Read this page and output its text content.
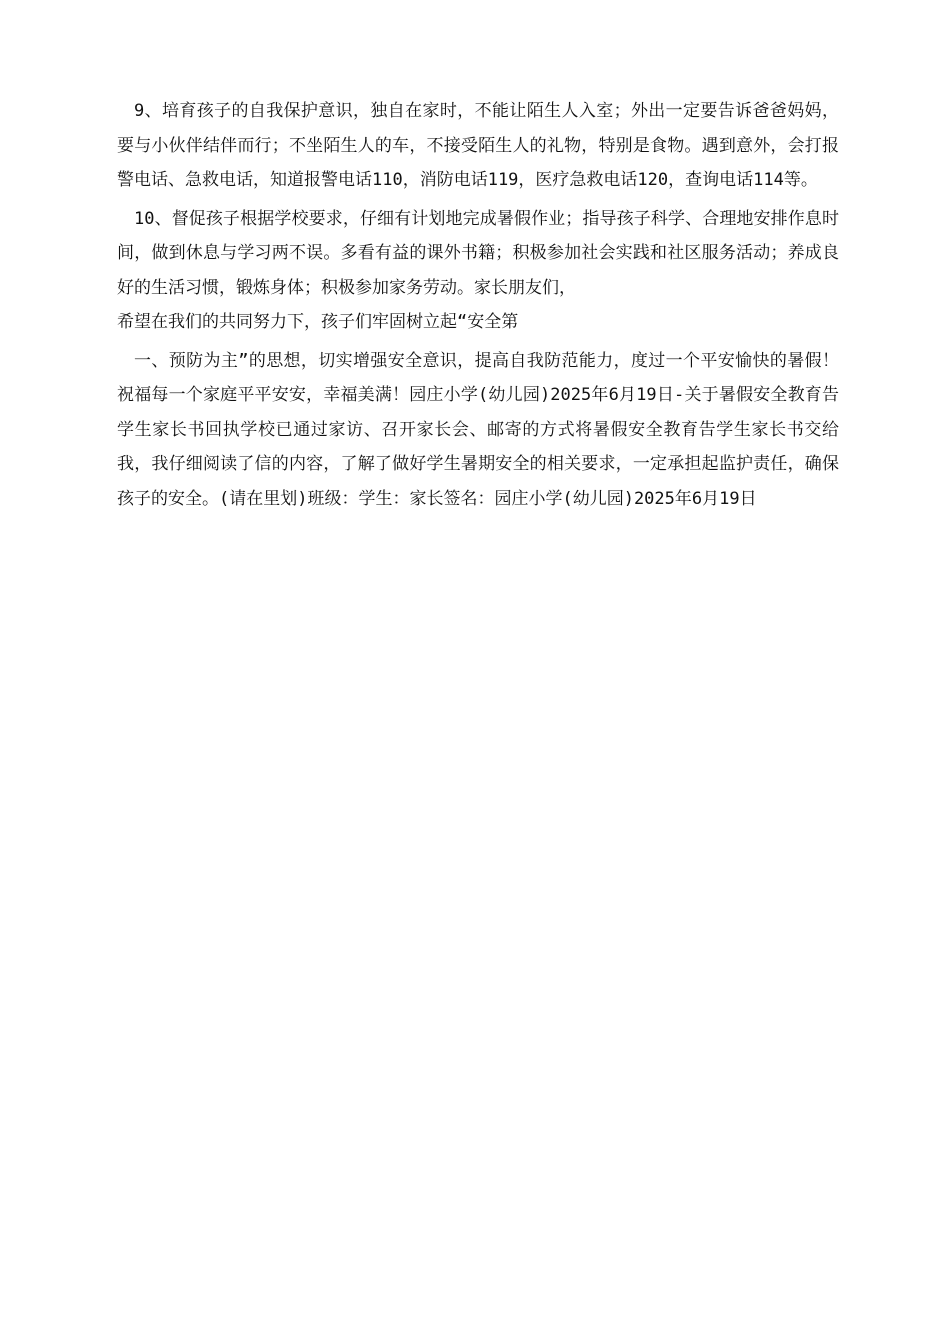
9、培育孩子的自我保护意识，独自在家时，不能让陌生人入室；外出一定要告诉爸爸妈妈，要与小伙伴结伴而行；不坐陌生人的车，不接受陌生人的礼物，特别是食物。遇到意外，会打报警电话、急救电话，知道报警电话110，消防电话119，医疗急救电话120，查询电话114等。

10、督促孩子根据学校要求，仔细有计划地完成暑假作业；指导孩子科学、合理地安排作息时间，做到休息与学习两不误。多看有益的课外书籍；积极参加社会实践和社区服务活动；养成良好的生活习惯，锻炼身体；积极参加家务劳动。家长朋友们，

希望在我们的共同努力下，孩子们牢固树立起“安全第

一、预防为主”的思想，切实增强安全意识，提高自我防范能力，度过一个平安愉快的暑假！祝福每一个家庭平平安安，幸福美满！园庄小学(幼儿园)2025年6月19日-关于暑假安全教育告学生家长书回执学校已通过家访、召开家长会、邮寄的方式将暑假安全教育告学生家长书交给我，我仔细阅读了信的内容，了解了做好学生暑期安全的相关要求，一定承担起监护责任，确保孩子的安全。(请在里划)班级：学生：家长签名：园庄小学(幼儿园)2025年6月19日
